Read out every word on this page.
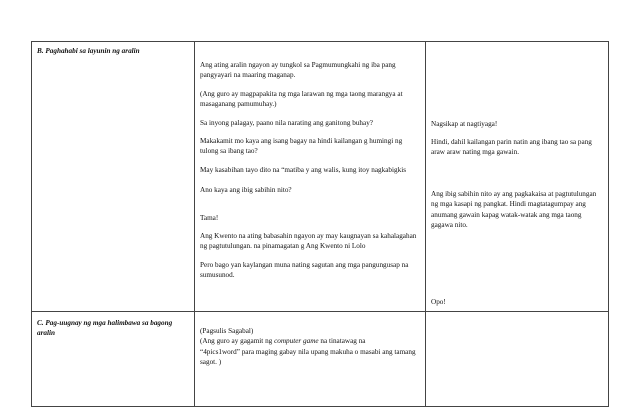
B. Paghahabi sa layunin ng aralin

Ang ating aralin ngayon ay tungkol sa Pagmumungkahi ng iba pang pangyayari na maaring maganap.

(Ang guro ay magpapakita ng mga larawan ng mga taong marangya at masaganang pamumuhay.)

Sa inyong palagay, paano nila narating ang ganitong buhay?

Makakamit mo kaya ang isang bagay na hindi kailangan g humingi ng tulong sa ibang tao?

May kasabihan tayo dito na “matiba y ang walis, kung itoy nagkabigkis

Ano kaya ang ibig sabihin nito?

Tama!

Ang Kwento na ating babasahin ngayon ay may kaugnayan sa kahalagahan ng pagtutulungan. na pinamagatan g Ang Kwento ni Lolo

Pero bago yan kaylangan muna nating sagutan ang mga pangungusap na sumusunod.

Nagsikap at nagtiyaga!
Hindi, dahil kailangan parin natin ang ibang tao sa pang araw araw nating mga gawain.
Ang ibig sabihin nito ay ang pagkakaisa at pagtutulungan ng mga kasapi ng pangkat. Hindi magtatagumpay ang anumang gawain kapag watak-watak ang mga taong gagawa nito.
Opo!
C. Pag-uugnay ng mga halimbawa sa bagong aralin	(Pagsulis Sagabal)

(Ang guro ay gagamit ng computer game na tinatawag na

“4pics1word” para maging gabay nila upang makuha o masabi ang tamang sagot. )
